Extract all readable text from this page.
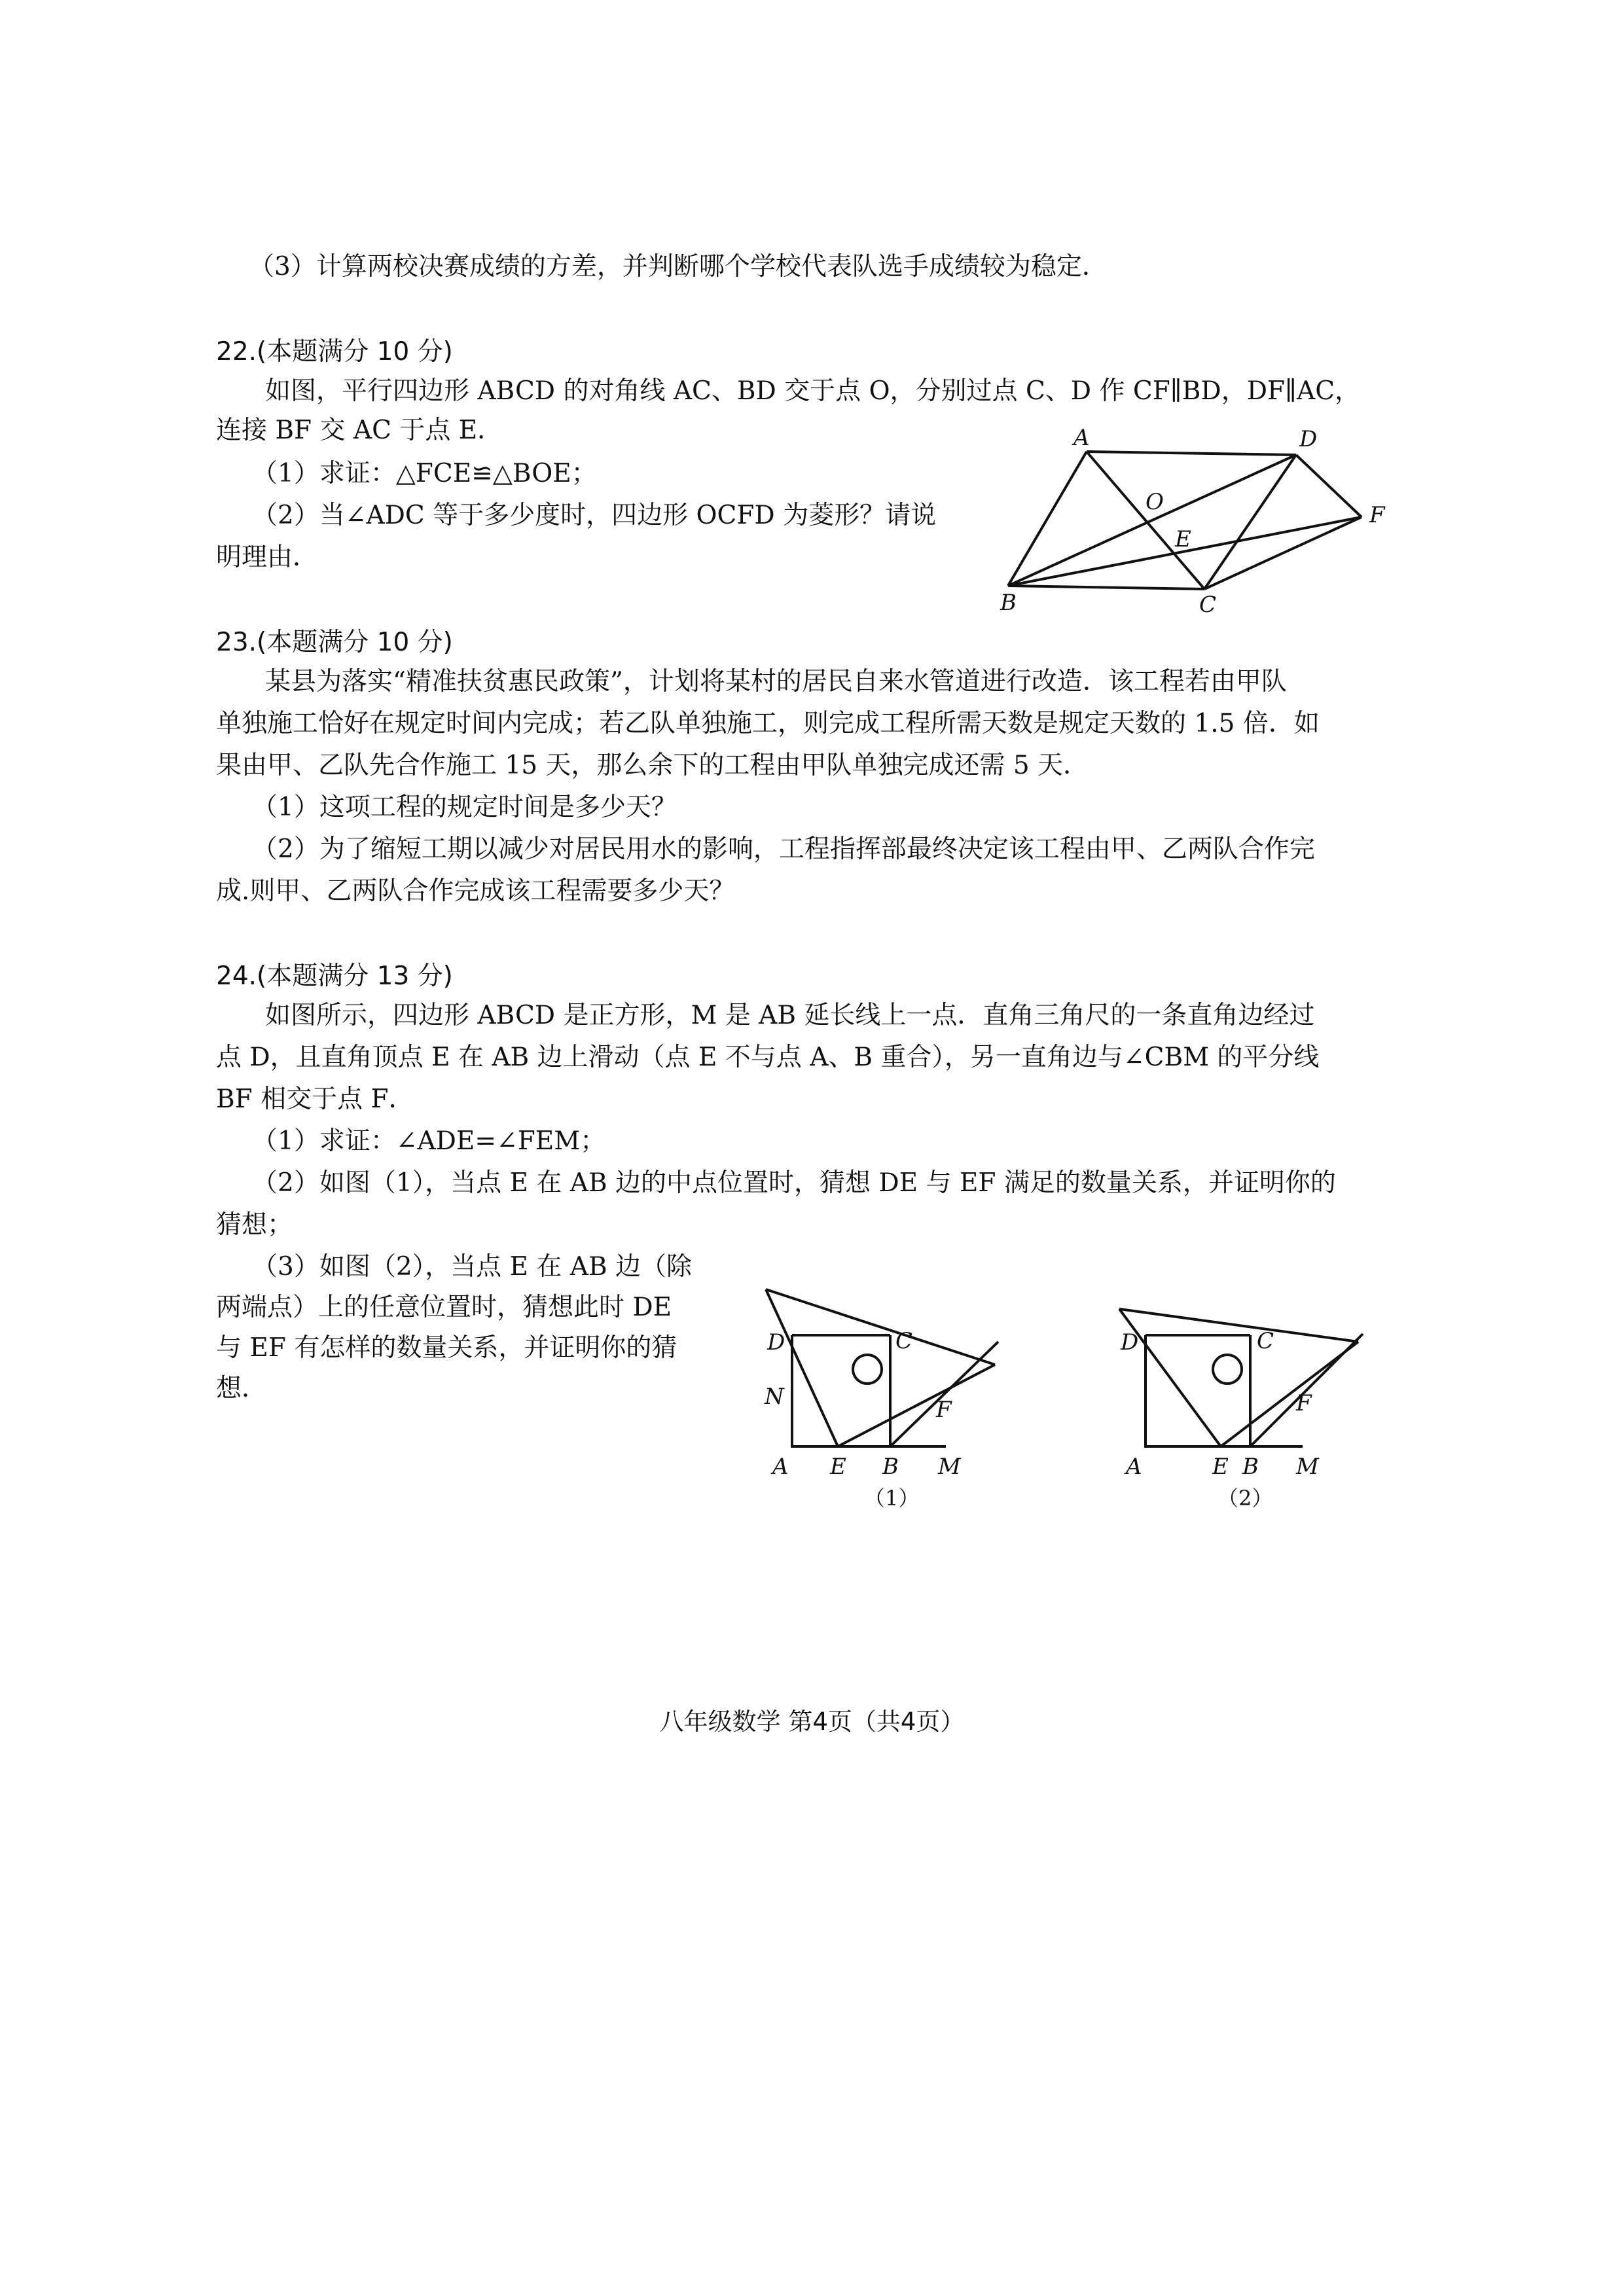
（3）计算两校决赛成绩的方差，并判断哪个学校代表队选手成绩较为稳定．
22.(本题满分 10 分)
如图，平行四边形 ABCD 的对角线 AC、BD 交于点 O，分别过点 C、D 作 CF∥BD，DF∥AC，
连接 BF 交 AC 于点 E．
（1）求证：△FCE≌△BOE；
（2）当∠ADC 等于多少度时，四边形 OCFD 为菱形？请说
明理由．
A	D
O
E
F
B	C
23.(本题满分 10 分)
某县为落实“精准扶贫惠民政策”，计划将某村的居民自来水管道进行改造．该工程若由甲队
单独施工恰好在规定时间内完成；若乙队单独施工，则完成工程所需天数是规定天数的 1.5 倍．如
果由甲、乙队先合作施工 15 天，那么余下的工程由甲队单独完成还需 5 天．
（1）这项工程的规定时间是多少天？
（2）为了缩短工期以减少对居民用水的影响，工程指挥部最终决定该工程由甲、乙两队合作完
成.则甲、乙两队合作完成该工程需要多少天？
24.(本题满分 13 分)
如图所示，四边形 ABCD 是正方形，M 是 AB 延长线上一点．直角三角尺的一条直角边经过
点 D，且直角顶点 E 在 AB 边上滑动（点 E 不与点 A、B 重合），另一直角边与∠CBM 的平分线
BF 相交于点 F．
（1）求证：∠ADE=∠FEM；
（2）如图（1），当点 E 在 AB 边的中点位置时，猜想 DE 与 EF 满足的数量关系，并证明你的
猜想；
（3）如图（2），当点 E 在 AB 边（除
两端点）上的任意位置时，猜想此时 DE
与 EF 有怎样的数量关系，并证明你的猜
想．
D	C
N	F
A E B M
（1）
D	C
F
A	E B M
（2）
八年级数学 第4页（共4页）
